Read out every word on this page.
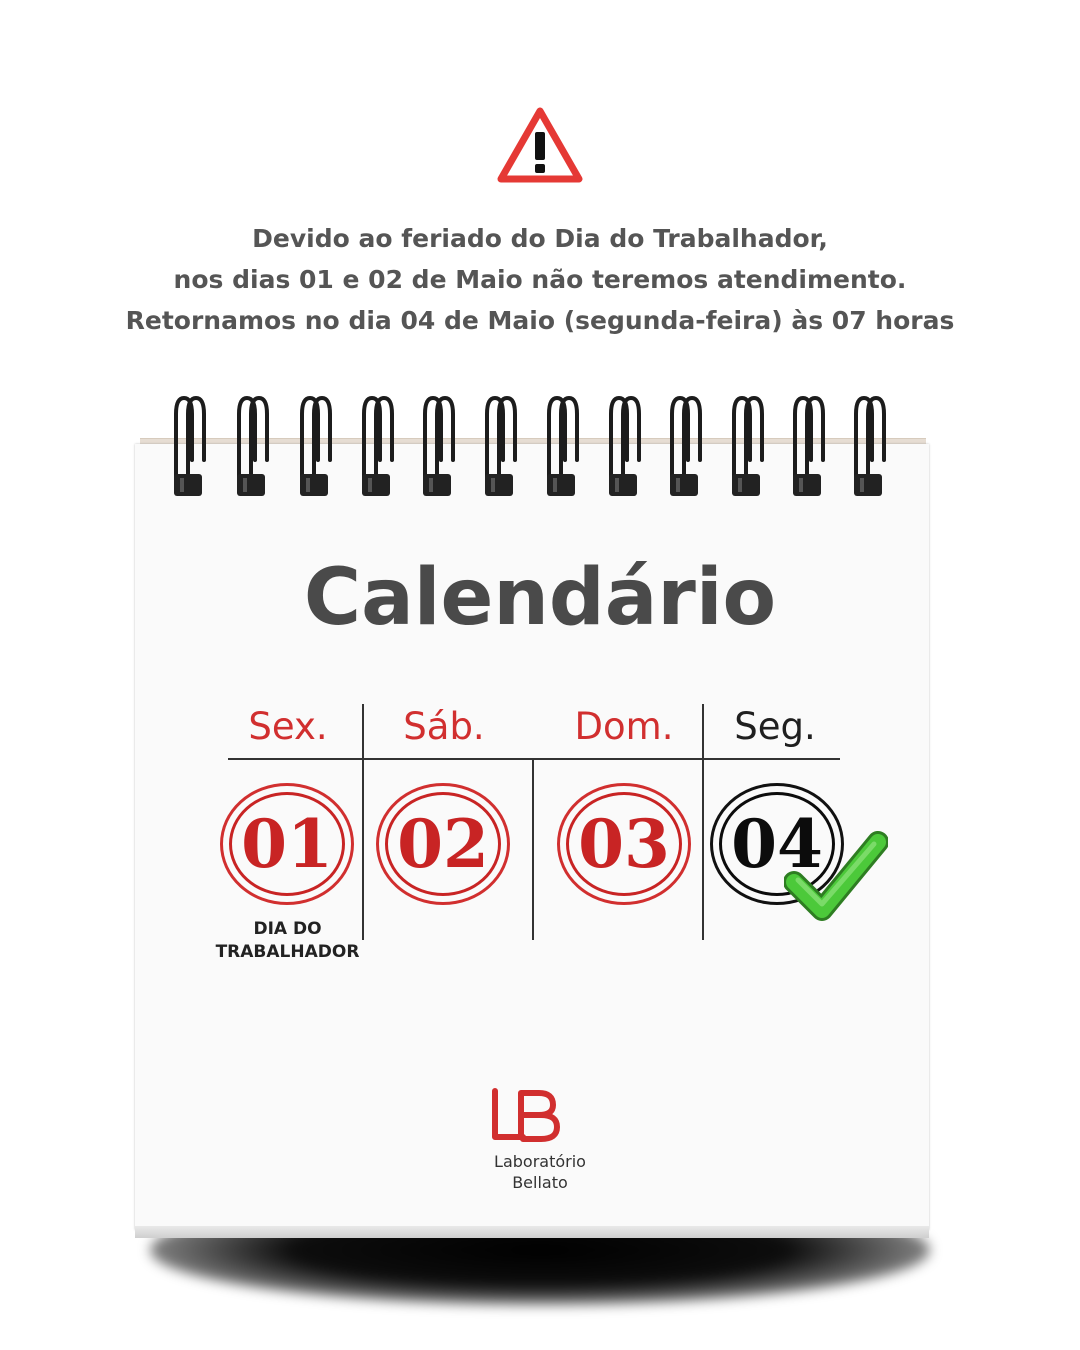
Devido ao feriado do Dia do Trabalhador,
nos dias 01 e 02 de Maio não teremos atendimento.
Retornamos no dia 04 de Maio (segunda-feira) às 07 horas
Calendário
Sex.	Sáb.	Dom.	Seg.
01 02 03 04
DIA DO
TRABALHADOR
Laboratório
Bellato
